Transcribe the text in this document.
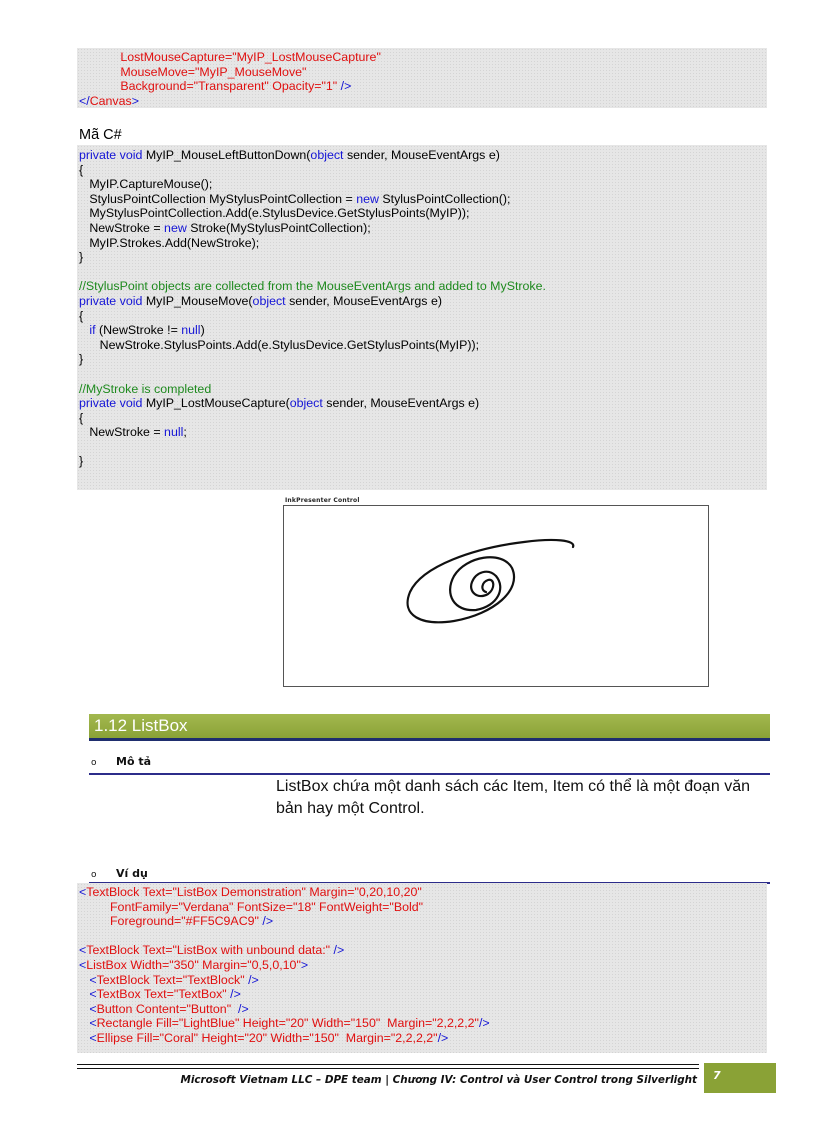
LostMouseCapture="MyIP_LostMouseCapture"
MouseMove="MyIP_MouseMove"
Background="Transparent" Opacity="1" />
</Canvas>
Mã C#
private void MyIP_MouseLeftButtonDown(object sender, MouseEventArgs e)
{
MyIP.CaptureMouse();
StylusPointCollection MyStylusPointCollection = new StylusPointCollection();
MyStylusPointCollection.Add(e.StylusDevice.GetStylusPoints(MyIP));
NewStroke = new Stroke(MyStylusPointCollection);
MyIP.Strokes.Add(NewStroke);
}
//StylusPoint objects are collected from the MouseEventArgs and added to MyStroke.
private void MyIP_MouseMove(object sender, MouseEventArgs e)
{
if (NewStroke != null)
NewStroke.StylusPoints.Add(e.StylusDevice.GetStylusPoints(MyIP));
}
//MyStroke is completed
private void MyIP_LostMouseCapture(object sender, MouseEventArgs e)
{
NewStroke = null;
}
InkPresenter Control
1.12 ListBox
o Mô tả
ListBox chứa một danh sách các Item, Item có thể là một đoạn văn bản hay một Control.
o Ví dụ
<TextBlock Text="ListBox Demonstration" Margin="0,20,10,20"
FontFamily="Verdana" FontSize="18" FontWeight="Bold"
Foreground="#FF5C9AC9" />
<TextBlock Text="ListBox with unbound data:" />
<ListBox Width="350" Margin="0,5,0,10">
<TextBlock Text="TextBlock" />
<TextBox Text="TextBox" />
<Button Content="Button"  />
<Rectangle Fill="LightBlue" Height="20" Width="150"  Margin="2,2,2,2"/>
<Ellipse Fill="Coral" Height="20" Width="150"  Margin="2,2,2,2"/>
Microsoft Vietnam LLC – DPE team | Chương IV: Control và User Control trong Silverlight 7
